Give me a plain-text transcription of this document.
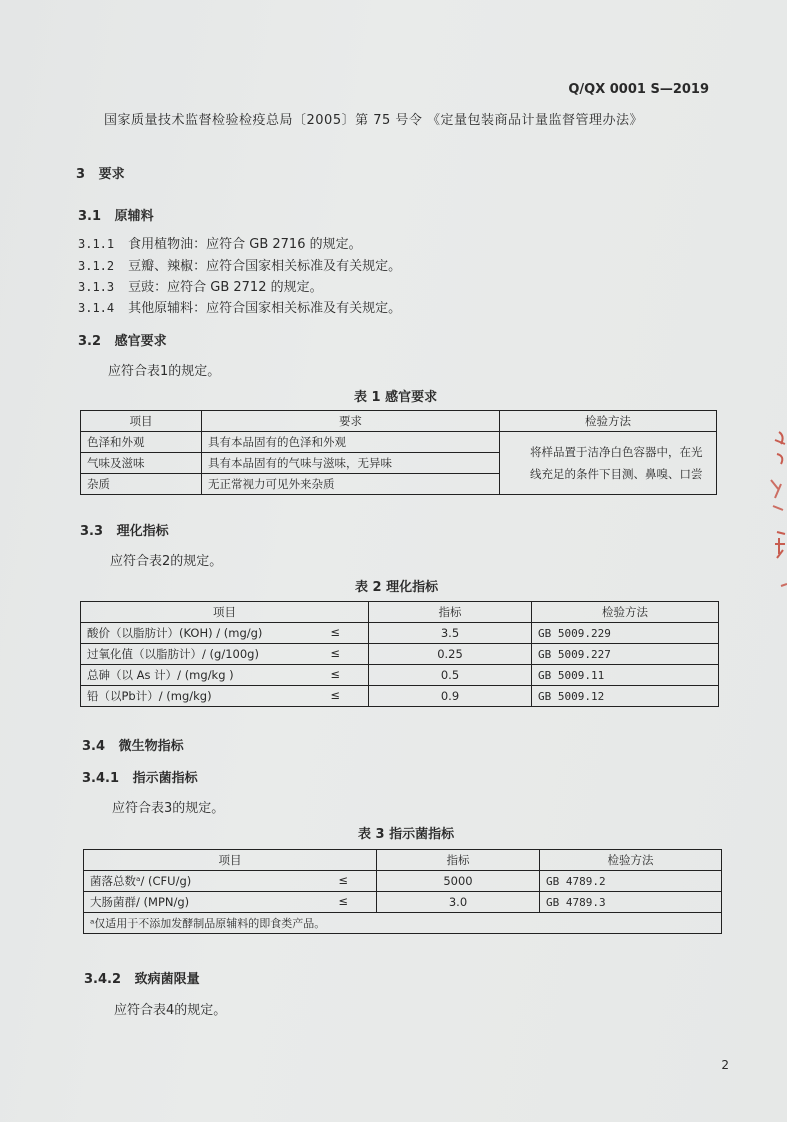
Q/QX 0001 S—2019
国家质量技术监督检验检疫总局〔2005〕第 75 号令 《定量包装商品计量监督管理办法》
3 要求
3.1 原辅料
3.1.1 食用植物油：应符合 GB 2716 的规定。
3.1.2 豆瓣、辣椒：应符合国家相关标准及有关规定。
3.1.3 豆豉：应符合 GB 2712 的规定。
3.1.4 其他原辅料：应符合国家相关标准及有关规定。
3.2 感官要求
应符合表1的规定。
表 1 感官要求
项目	要求	检验方法
色泽和外观	具有本品固有的色泽和外观	将样品置于洁净白色容器中，在光线充足的条件下目测、鼻嗅、口尝
气味及滋味	具有本品固有的气味与滋味，无异味	
杂质	无正常视力可见外来杂质	
3.3 理化指标
应符合表2的规定。
表 2 理化指标
项目	指标	检验方法
酸价（以脂肪计）(KOH) / (mg/g) ≤	3.5	GB 5009.229
过氧化值（以脂肪计）/ (g/100g) ≤	0.25	GB 5009.227
总砷（以 As 计）/ (mg/kg ) ≤	0.5	GB 5009.11
铅（以Pb计）/ (mg/kg) ≤	0.9	GB 5009.12
3.4 微生物指标
3.4.1 指示菌指标
应符合表3的规定。
表 3 指示菌指标
项目	指标	检验方法
菌落总数ᵃ/ (CFU/g) ≤	5000	GB 4789.2
大肠菌群/ (MPN/g) ≤	3.0	GB 4789.3
ᵃ仅适用于不添加发酵制品原辅料的即食类产品。		
3.4.2 致病菌限量
应符合表4的规定。
2
